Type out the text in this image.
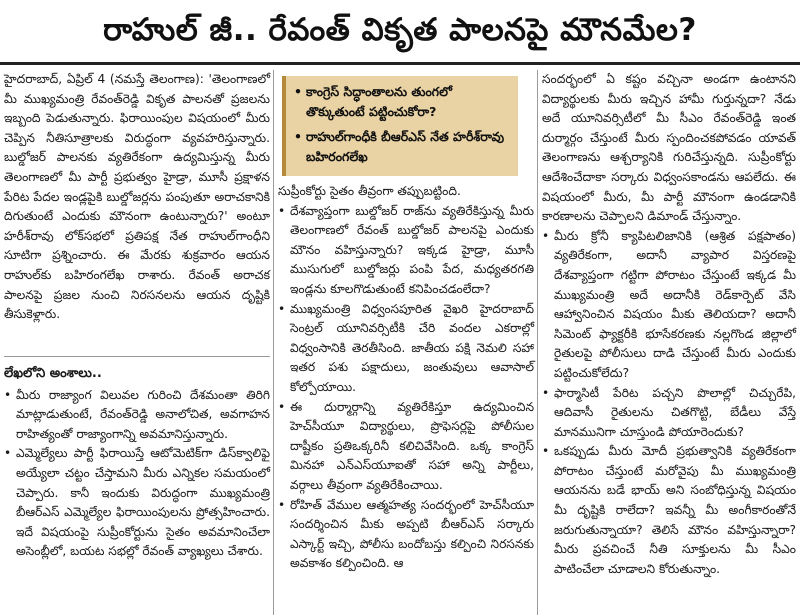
రాహుల్ జీ.. రేవంత్ వికృత పాలనపై మౌనమేల?

హైదరాబాద్, ఏప్రిల్ 4 (నమస్తే తెలంగాణ): 'తెలంగాణలో మీ ముఖ్యమంత్రి రేవంత్‌రెడ్డి వికృత పాలనతో ప్రజలను ఇబ్బంది పెడుతున్నారు. ఫిరాయింపుల విషయంలో మీరు చెప్పిన నీతిసూత్రాలకు విరుద్ధంగా వ్యవహరిస్తున్నారు. బుల్డోజర్ పాలనకు వ్యతిరేకంగా ఉద్యమిస్తున్న మీరు తెలంగాణలో మీ పార్టీ ప్రభుత్వం హైడ్రా, మూసీ ప్రక్షాళన పేరిట పేదల ఇండ్లపైకి బుల్డోజర్లను పంపుతూ అరాచకానికి దిగుతుంటే ఎందుకు మౌనంగా ఉంటున్నారు?' అంటూ హరీశ్‌రావు లోక్‌సభలో ప్రతిపక్ష నేత రాహుల్‌గాంధీని సూటిగా ప్రశ్నించారు. ఈ మేరకు శుక్రవారం ఆయన రాహుల్‌కు బహిరంగలేఖ రాశారు. రేవంత్ అరాచక పాలనపై ప్రజల నుంచి నిరసనలను ఆయన దృష్టికి తీసుకెళ్లారు.

లేఖలోని అంశాలు..

• మీరు రాజ్యాంగ విలువల గురించి దేశమంతా తిరిగి మాట్లాడుతుంటే, రేవంత్‌రెడ్డి అనాలోచిత, అవగాహన రాహిత్యంతో రాజ్యాంగాన్ని అవమానిస్తున్నారు.

• ఎమ్మెల్యేలు పార్టీ ఫిరాయిస్తే ఆటోమెటిక్‌గా డిస్‌క్వాలిఫై అయ్యేలా చట్టం చేస్తామని మీరు ఎన్నికల సమయంలో చెప్పారు. కానీ ఇందుకు విరుద్ధంగా ముఖ్యమంత్రి బీఆర్ఎస్ ఎమ్మెల్యేల ఫిరాయింపులను ప్రోత్సహించారు. ఇదే విషయంపై సుప్రీంకోర్టును సైతం అవమానించేలా అసెంబ్లీలో, బయట సభల్లో రేవంత్ వ్యాఖ్యలు చేశారు.

• కాంగ్రెస్ సిద్ధాంతాలను తుంగలో తొక్కుతుంటే పట్టించుకోరా?

• రాహుల్‌గాంధీకి బీఆర్ఎస్ నేత హరీశ్‌రావు బహిరంగలేఖ

సుప్రీంకోర్టు సైతం తీవ్రంగా తప్పుబట్టింది.

• దేశవ్యాప్తంగా బుల్డోజర్ రాజ్‌ను వ్యతిరేకిస్తున్న మీరు తెలంగాణలో రేవంత్ బుల్డోజర్ పాలనపై ఎందుకు మౌనం వహిస్తున్నారు? ఇక్కడ హైడ్రా, మూసీ ముసుగులో బుల్డోజర్లు పంపి పేద, మధ్యతరగతి ఇండ్లను కూలగొడుతుంటే కనిపించడంలేదా?

• ముఖ్యమంత్రి విధ్వంసపూరిత వైఖరి హైదరాబాద్ సెంట్రల్ యూనివర్సిటీకి చేరి వందల ఎకరాల్లో విధ్వంసానికి తెరతీసింది. జాతీయ పక్షి నెమలి సహా ఇతర పశు పక్షాదులు, జంతువులు ఆవాసాల్ కోల్పోయాయి.

• ఈ దుర్మార్గాన్ని వ్యతిరేకిస్తూ ఉద్యమించిన హెచ్‌సీయూ విద్యార్థులు, ప్రొఫెసర్లపై పోలీసుల దాష్టీకం ప్రతిఒక్కరినీ కలిచివేసింది. ఒక్క కాంగ్రెస్ మినహా ఎన్ఎస్‌యూఐతో సహా అన్ని పార్టీలు, వర్గాలు తీవ్రంగా వ్యతిరేకించాయి.

• రోహిత్ వేముల ఆత్మహత్య సందర్భంలో హెచ్‌సీయూ సందర్శించిన మీకు అప్పటి బీఆర్ఎస్ సర్కారు ఎస్కార్ట్ ఇచ్చి, పోలీసు బందోబస్తు కల్పించి నిరసనకు అవకాశం కల్పించింది. ఆ

సందర్భంలో ఏ కష్టం వచ్చినా అండగా ఉంటానని విద్యార్థులకు మీరు ఇచ్చిన హామీ గుర్తున్నదా? నేడు అదే యూనివర్సిటీలో మీ సీఎం రేవంత్‌రెడ్డి ఇంత దుర్మార్గం చేస్తుంటే మీరు స్పందించకపోవడం యావత్ తెలంగాణను ఆశ్చర్యానికి గురిచేస్తున్నది. సుప్రీంకోర్టు ఆదేశించేదాకా సర్కారు విధ్వంసకాండను ఆపలేదు. ఈ విషయంలో మీరు, మీ పార్టీ మౌనంగా ఉండడానికి కారణాలను చెప్పాలని డిమాండ్ చేస్తున్నాం.

• మీరు క్రోనీ క్యాపిటలిజానికి (ఆశ్రిత పక్షపాతం) వ్యతిరేకంగా, అదానీ వ్యాపార విస్తరణపై దేశవ్యాప్తంగా గట్టిగా పోరాటం చేస్తుంటే ఇక్కడ మీ ముఖ్యమంత్రి అదే అదానీకి రెడ్‌కార్పెట్ వేసి ఆహ్వానించిన విషయం మీకు తెలియదా? అదానీ సిమెంట్ ఫ్యాక్టరీకి భూసేకరణకు నల్లగొండ జిల్లాలో రైతులపై పోలీసులు దాడి చేస్తుంటే మీరు ఎందుకు పట్టించుకోలేదు?

• ఫార్మాసిటీ పేరిట పచ్చని పొలాల్లో చిచ్చురేపి, ఆదివాసీ రైతులను చితగొట్టి, బేడీలు వేస్తే మానమునిగా చూస్తుండి పోయారెందుకు?

• ఒకప్పుడు మీరు మోదీ ప్రభుత్వానికి వ్యతిరేకంగా పోరాటం చేస్తుంటే మరోవైపు మీ ముఖ్యమంత్రి ఆయనను బడే భాయ్ అని సంబోధిస్తున్న విషయం మీ దృష్టికి రాలేదా? ఇవన్నీ మీ అంగీకారంతోనే జరుగుతున్నాయా? తెలిసే మౌనం వహిస్తున్నారా? మీరు ప్రవచించే నీతి సూక్తులను మీ సీఎం పాటించేలా చూడాలని కోరుతున్నాం.
